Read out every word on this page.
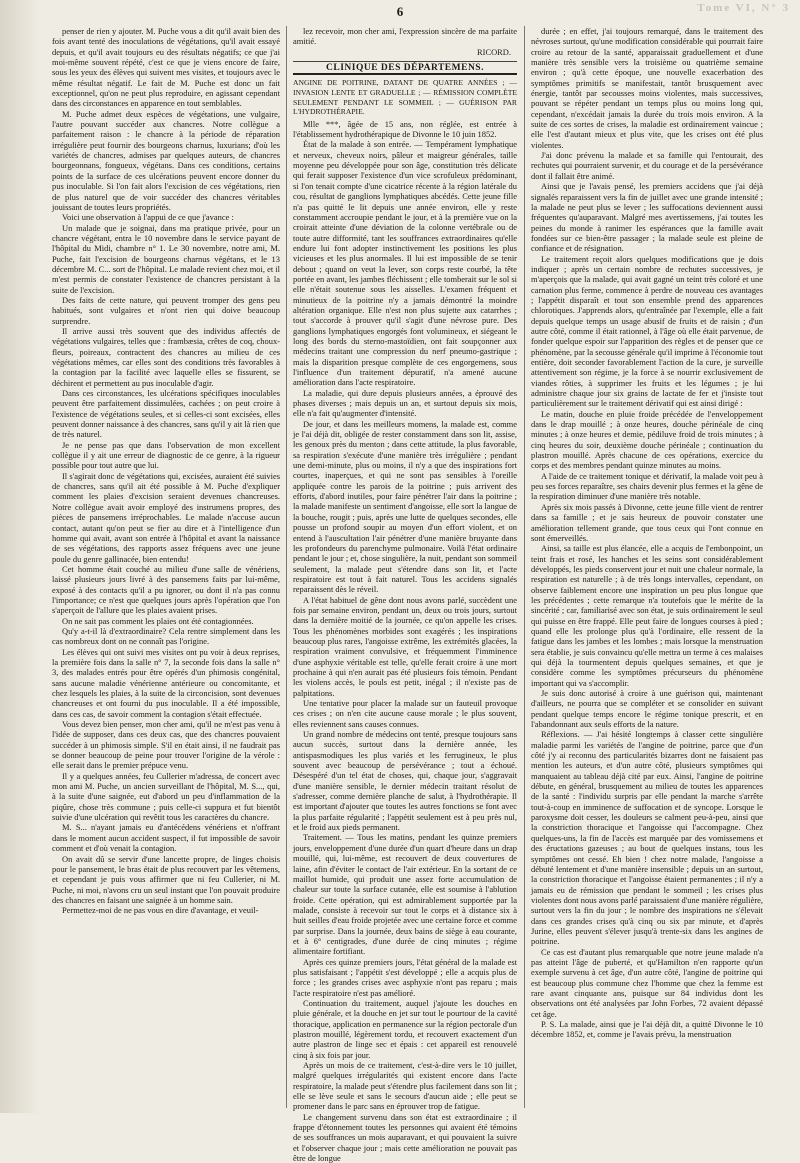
Tome VI, N° 3
6

penser de rien y ajouter. M. Puche vous a dit qu'il avait bien des fois avant tenté des inoculations de végétations, qu'il avait essayé depuis, et qu'il avait toujours eu des résultats négatifs; ce que j'ai moi-même souvent répété, c'est ce que je viens encore de faire, sous les yeux des élèves qui suivent mes visites, et toujours avec le même résultat négatif. Le fait de M. Puche est donc un fait exceptionnel, qu'on ne peut plus reproduire, en agissant cependant dans des circonstances en apparence en tout semblables.

M. Puche admet deux espèces de végétations, une vulgaire, l'autre pouvant succéder aux chancres. Notre collègue a parfaitement raison : le chancre à la période de réparation irrégulière peut fournir des bourgeons charnus, luxurians; d'où les variétés de chancres, admises par quelques auteurs, de chancres bourgeonnans, fongueux, végétans. Dans ces conditions, certains points de la surface de ces ulcérations peuvent encore donner du pus inoculable. Si l'on fait alors l'excision de ces végétations, rien de plus naturel que de voir succéder des chancres véritables jouissant de toutes leurs propriétés.

Voici une observation à l'appui de ce que j'avance :

Un malade que je soignai, dans ma pratique privée, pour un chancre végétant, entra le 10 novembre dans le service payant de l'hôpital du Midi, chambre n° 1. Le 30 novembre, notre ami, M. Puche, fait l'excision de bourgeons charnus végétans, et le 13 décembre M. C... sort de l'hôpital. Le malade revient chez moi, et il m'est permis de constater l'existence de chancres persistant à la suite de l'excision.

Des faits de cette nature, qui peuvent tromper des gens peu habitués, sont vulgaires et n'ont rien qui doive beaucoup surprendre.

Il arrive aussi très souvent que des individus affectés de végétations vulgaires, telles que : frambæsia, crêtes de coq, choux-fleurs, poireaux, contractent des chancres au milieu de ces végétations mêmes, car elles sont des conditions très favorables à la contagion par la facilité avec laquelle elles se fissurent, se déchirent et permettent au pus inoculable d'agir.

Dans ces circonstances, les ulcérations spécifiques inoculables peuvent être parfaitement dissimulées, cachées ; on peut croire à l'existence de végétations seules, et si celles-ci sont excisées, elles peuvent donner naissance à des chancres, sans qu'il y ait là rien que de très naturel.

Je ne pense pas que dans l'observation de mon excellent collègue il y ait une erreur de diagnostic de ce genre, à la rigueur possible pour tout autre que lui.

Il s'agirait donc de végétations qui, excisées, auraient été suivies de chancres, sans qu'il ait été possible à M. Puche d'expliquer comment les plaies d'excision seraient devenues chancreuses. Notre collègue avait avoir employé des instrumens propres, des pièces de pansemens irréprochables. Le malade n'accuse aucun contact, autant qu'on peut se fier au dire et à l'intelligence d'un homme qui avait, avant son entrée à l'hôpital et avant la naissance de ses végétations, des rapports assez fréquens avec une jeune poule du genre gallinacée, bien entendu!

Cet homme était couché au milieu d'une salle de vénériens, laissé plusieurs jours livré à des pansemens faits par lui-même, exposé à des contacts qu'il a pu ignorer, ou dont il n'a pas connu l'importance; ce n'est que quelques jours après l'opération que l'on s'aperçoit de l'allure que les plaies avaient prises.

On ne sait pas comment les plaies ont été contagionnées.

Qu'y a-t-il là d'extraordinaire? Cela rentre simplement dans les cas nombreux dont on ne connaît pas l'origine.

Les élèves qui ont suivi mes visites ont pu voir à deux reprises, la première fois dans la salle n° 7, la seconde fois dans la salle n° 3, des malades entrés pour être opérés d'un phimosis congénital, sans aucune maladie vénérienne antérieure ou concomitante, et chez lesquels les plaies, à la suite de la circoncision, sont devenues chancreuses et ont fourni du pus inoculable. Il a été impossible, dans ces cas, de savoir comment la contagion s'était effectuée.

Vous devez bien penser, mon cher ami, qu'il ne m'est pas venu à l'idée de supposer, dans ces deux cas, que des chancres pouvaient succéder à un phimosis simple. S'il en était ainsi, il ne faudrait pas se donner beaucoup de peine pour trouver l'origine de la vérole : elle serait dans le premier prépuce venu.

Il y a quelques années, feu Cullerier m'adressa, de concert avec mon ami M. Puche, un ancien surveillant de l'hôpital, M. S..., qui, à la suite d'une saignée, eut d'abord un peu d'inflammation de la piqûre, chose très commune ; puis celle-ci suppura et fut bientôt suivie d'une ulcération qui revêtit tous les caractères du chancre.

M. S... n'ayant jamais eu d'antécédens vénériens et n'offrant dans le moment aucun accident suspect, il fut impossible de savoir comment et d'où venait la contagion.

On avait dû se servir d'une lancette propre, de linges choisis pour le pansement, le bras était de plus recouvert par les vêtemens, et cependant je puis vous affirmer que ni feu Cullerier, ni M. Puche, ni moi, n'avons cru un seul instant que l'on pouvait produire des chancres en faisant une saignée à un homme sain.

Permettez-moi de ne pas vous en dire d'avantage, et veuil-

lez recevoir, mon cher ami, l'expression sincère de ma parfaite amitié.

RICORD.

CLINIQUE DES DÉPARTEMENS.

ANGINE DE POITRINE, DATANT DE QUATRE ANNÉES ; — INVASION LENTE ET GRADUELLE ; — RÉMISSION COMPLÈTE SEULEMENT PENDANT LE SOMMEIL ; — GUÉRISON PAR L'HYDROTHÉRAPIE.

Mlle ***, âgée de 15 ans, non réglée, est entrée à l'établissement hydrothérapique de Divonne le 10 juin 1852.

État de la malade à son entrée. — Tempérament lymphatique et nerveux, cheveux noirs, pâleur et maigreur générales, taille moyenne peu développée pour son âge, constitution très délicate qui ferait supposer l'existence d'un vice scrofuleux prédominant, si l'on tenait compte d'une cicatrice récente à la région latérale du cou, résultat de ganglions lymphatiques abcédés. Cette jeune fille n'a pas quitté le lit depuis une année environ, elle y reste constamment accroupie pendant le jour, et à la première vue on la croirait atteinte d'une déviation de la colonne vertébrale ou de toute autre difformité, tant les souffrances extraordinaires qu'elle endure lui font adopter instinctivement les positions les plus vicieuses et les plus anormales. Il lui est impossible de se tenir debout ; quand on veut la lever, son corps reste courbé, la tête portée en avant, les jambes fléchissent ; elle tomberait sur le sol si elle n'était soutenue sous les aisselles. L'examen fréquent et minutieux de la poitrine n'y a jamais démontré la moindre altération organique. Elle n'est non plus sujette aux catarrhes ; tout s'accorde à prouver qu'il s'agit d'une névrose pure. Des ganglions lymphatiques engorgés font volumineux, et siégeant le long des bords du sterno-mastoïdien, ont fait soupçonner aux médecins traitant une compression du nerf pneumo-gastrique ; mais la disparition presque complète de ces engorgemens, sous l'influence d'un traitement dépuratif, n'a amené aucune amélioration dans l'acte respiratoire.

La maladie, qui dure depuis plusieurs années, a éprouvé des phases diverses ; mais depuis un an, et surtout depuis six mois, elle n'a fait qu'augmenter d'intensité.

De jour, et dans les meilleurs momens, la malade est, comme je l'ai déjà dit, obligée de rester constamment dans son lit, assise, les genoux près du menton ; dans cette attitude, la plus favorable, sa respiration s'exécute d'une manière très irrégulière ; pendant une demi-minute, plus ou moins, il n'y a que des inspirations fort courtes, inaperçues, et qui ne sont pas sensibles à l'oreille appliquée contre les parois de la poitrine ; puis arrivent des efforts, d'abord inutiles, pour faire pénétrer l'air dans la poitrine ; la malade manifeste un sentiment d'angoisse, elle sort la langue de la bouche, rougit ; puis, après une lutte de quelques secondes, elle pousse un profond soupir au moyen d'un effort violent, et on entend à l'auscultation l'air pénétrer d'une manière bruyante dans les profondeurs du parenchyme pulmonaire. Voilà l'état ordinaire pendant le jour ; et, chose singulière, la nuit, pendant son sommeil seulement, la malade peut s'étendre dans son lit, et l'acte respiratoire est tout à fait naturel. Tous les accidens signalés reparaissent dès le réveil.

A l'état habituel de gêne dont nous avons parlé, succèdent une fois par semaine environ, pendant un, deux ou trois jours, surtout dans la dernière moitié de la journée, ce qu'on appelle les crises. Tous les phénomènes morbides sont exagérés ; les inspirations beaucoup plus rares, l'angoisse extrême, les extrémités glacées, la respiration vraiment convulsive, et fréquemment l'imminence d'une asphyxie véritable est telle, qu'elle ferait croire à une mort prochaine à qui n'en aurait pas été plusieurs fois témoin. Pendant les violens accès, le pouls est petit, inégal ; il n'existe pas de palpitations.

Une tentative pour placer la malade sur un fauteuil provoque ces crises ; on n'en cite aucune cause morale ; le plus souvent, elles reviennent sans causes connues.

Un grand nombre de médecins ont tenté, presque toujours sans aucun succès, surtout dans la dernière année, les antispasmodiques les plus variés et les ferrugineux, le plus souvent avec beaucoup de persévérance ; tout a échoué. Désespéré d'un tel état de choses, qui, chaque jour, s'aggravait d'une manière sensible, le dernier médecin traitant résolut de s'adresser, comme dernière planche de salut, à l'hydrothérapie. Il est important d'ajouter que toutes les autres fonctions se font avec la plus parfaite régularité ; l'appétit seulement est à peu près nul, et le froid aux pieds permanent.

Traitement. — Tous les matins, pendant les quinze premiers jours, enveloppement d'une durée d'un quart d'heure dans un drap mouillé, qui, lui-même, est recouvert de deux couvertures de laine, afin d'éviter le contact de l'air extérieur. En la sortant de ce maillot humide, qui produit une assez forte accumulation de chaleur sur toute la surface cutanée, elle est soumise à l'ablution froide. Cette opération, qui est admirablement supportée par la malade, consiste à recevoir sur tout le corps et à distance six à huit seilles d'eau froide projetée avec une certaine force et comme par surprise. Dans la journée, deux bains de siège à eau courante, et à 6° centigrades, d'une durée de cinq minutes ; régime alimentaire fortifiant.

Après ces quinze premiers jours, l'état général de la malade est plus satisfaisant ; l'appétit s'est développé ; elle a acquis plus de force ; les grandes crises avec asphyxie n'ont pas reparu ; mais l'acte respiratoire n'est pas amélioré.

Continuation du traitement, auquel j'ajoute les douches en pluie générale, et la douche en jet sur tout le pourtour de la cavité thoracique, application en permanence sur la région pectorale d'un plastron mouillé, légèrement tordu, et recouvert exactement d'un autre plastron de linge sec et épais : cet appareil est renouvelé cinq à six fois par jour.

Après un mois de ce traitement, c'est-à-dire vers le 10 juillet, malgré quelques irrégularités qui existent encore dans l'acte respiratoire, la malade peut s'étendre plus facilement dans son lit ; elle se lève seule et sans le secours d'aucun aide ; elle peut se promener dans le parc sans en éprouver trop de fatigue.

Le changement survenu dans son état est extraordinaire ; il frappe d'étonnement toutes les personnes qui avaient été témoins de ses souffrances un mois auparavant, et qui pouvaient la suivre et l'observer chaque jour ; mais cette amélioration ne pouvait pas être de longue

durée ; en effet, j'ai toujours remarqué, dans le traitement des névroses surtout, qu'une modification considérable qui pourrait faire croire au retour de la santé, apparaissait graduellement et d'une manière très sensible vers la troisième ou quatrième semaine environ ; qu'à cette époque, une nouvelle exacerbation des symptômes primitifs se manifestait, tantôt brusquement avec énergie, tantôt par secousses moins violentes, mais successives, pouvant se répéter pendant un temps plus ou moins long qui, cependant, n'excédait jamais la durée du trois mois environ. A la suite de ces sortes de crises, la maladie est ordinairement vaincue ; elle l'est d'autant mieux et plus vite, que les crises ont été plus violentes.

J'ai donc prévenu la malade et sa famille qui l'entourait, des rechutes qui pourraient survenir, et du courage et de la persévérance dont il fallait être animé.

Ainsi que je l'avais pensé, les premiers accidens que j'ai déjà signalés reparaissent vers la fin de juillet avec une grande intensité ; la malade ne peut plus se lever ; les suffocations deviennent aussi fréquentes qu'auparavant. Malgré mes avertissemens, j'ai toutes les peines du monde à ranimer les espérances que la famille avait fondées sur ce bien-être passager ; la malade seule est pleine de confiance et de résignation.

Le traitement reçoit alors quelques modifications que je dois indiquer ; après un certain nombre de rechutes successives, je m'aperçois que la malade, qui avait gagné un teint très coloré et une carnation plus ferme, commence à perdre de nouveau ces avantages ; l'appétit disparaît et tout son ensemble prend des apparences chlorotiques. J'apprends alors, qu'entraînée par l'exemple, elle a fait depuis quelque temps un usage abusif de fruits et de raisin ; d'un autre côté, comme il était rationnel, à l'âge où elle était parvenue, de fonder quelque espoir sur l'apparition des règles et de penser que ce phénomène, par la secousse générale qu'il imprime à l'économie tout entière, doit seconder favorablement l'action de la cure, je surveille attentivement son régime, je la force à se nourrir exclusivement de viandes rôties, à supprimer les fruits et les légumes ; je lui administre chaque jour six grains de lactate de fer et j'insiste tout particulièrement sur le traitement dérivatif qui est ainsi dirigé :

Le matin, douche en pluie froide précédée de l'enveloppement dans le drap mouillé ; à onze heures, douche périnéale de cinq minutes ; à onze heures et demie, pédiluve froid de trois minutes ; à cinq heures du soir, deuxième douche périnéale ; continuation du plastron mouillé. Après chacune de ces opérations, exercice du corps et des membres pendant quinze minutes au moins.

A l'aide de ce traitement tonique et dérivatif, la malade voit peu à peu ses forces reparaître, ses chairs devenir plus fermes et la gêne de la respiration diminuer d'une manière très notable.

Après six mois passés à Divonne, cette jeune fille vient de rentrer dans sa famille ; et je sais heureux de pouvoir constater une amélioration tellement grande, que tous ceux qui l'ont connue en sont émerveillés.

Ainsi, sa taille est plus élancée, elle a acquis de l'embonpoint, un teint frais et rosé, les hanches et les seins sont considérablement développés, les pieds conservent jour et nuit une chaleur normale, la respiration est naturelle ; à de très longs intervalles, cependant, on observe faiblement encore une inspiration un peu plus longue que les précédentes ; cette remarque n'a toutefois que le mérite de la sincérité ; car, familiarisé avec son état, je suis ordinairement le seul qui puisse en être frappé. Elle peut faire de longues courses à pied ; quand elle les prolonge plus qu'à l'ordinaire, elle ressent de la fatigue dans les jambes et les lombes ; mais lorsque la menstruation sera établie, je suis convaincu qu'elle mettra un terme à ces malaises qui déjà la tourmentent depuis quelques semaines, et que je considère comme les symptômes précurseurs du phénomène important qui va s'accomplir.

Je suis donc autorisé à croire à une guérison qui, maintenant d'ailleurs, ne pourra que se compléter et se consolider en suivant pendant quelque temps encore le régime tonique prescrit, et en l'abandonnant aux seuls efforts de la nature.

Réflexions. — J'ai hésité longtemps à classer cette singulière maladie parmi les variétés de l'angine de poitrine, parce que d'un côté j'y ai reconnu des particularités bizarres dont ne faisaient pas mention les auteurs, et d'un autre côté, plusieurs symptômes qui manquaient au tableau déjà cité par eux. Ainsi, l'angine de poitrine débute, en général, brusquement au milieu de toutes les apparences de la santé : l'individu surpris par elle pendant la marche s'arrête tout-à-coup en imminence de suffocation et de syncope. Lorsque le paroxysme doit cesser, les douleurs se calment peu-à-peu, ainsi que la constriction thoracique et l'angoisse qui l'accompagne. Chez quelques-uns, la fin de l'accès est marquée par des vomissemens et des éructations gazeuses ; au bout de quelques instans, tous les symptômes ont cessé. Eh bien ! chez notre malade, l'angoisse a débuté lentement et d'une manière insensible ; depuis un an surtout, la constriction thoracique et l'angoisse étaient permanentes ; il n'y a jamais eu de rémission que pendant le sommeil ; les crises plus violentes dont nous avons parlé paraissaient d'une manière régulière, surtout vers la fin du jour ; le nombre des inspirations ne s'élevait dans ces grandes crises qu'à cinq ou six par minute, et d'après Jurine, elles peuvent s'élever jusqu'à trente-six dans les angines de poitrine.

Ce cas est d'autant plus remarquable que notre jeune malade n'a pas atteint l'âge de puberté, et qu'Hamilton n'en rapporte qu'un exemple survenu à cet âge, d'un autre côté, l'angine de poitrine qui est beaucoup plus commune chez l'homme que chez la femme est rare avant cinquante ans, puisque sur 84 individus dont les observations ont été analysées par John Forbes, 72 avaient dépassé cet âge.

P. S. La malade, ainsi que je l'ai déjà dit, a quitté Divonne le 10 décembre 1852, et, comme je l'avais prévu, la menstruation
